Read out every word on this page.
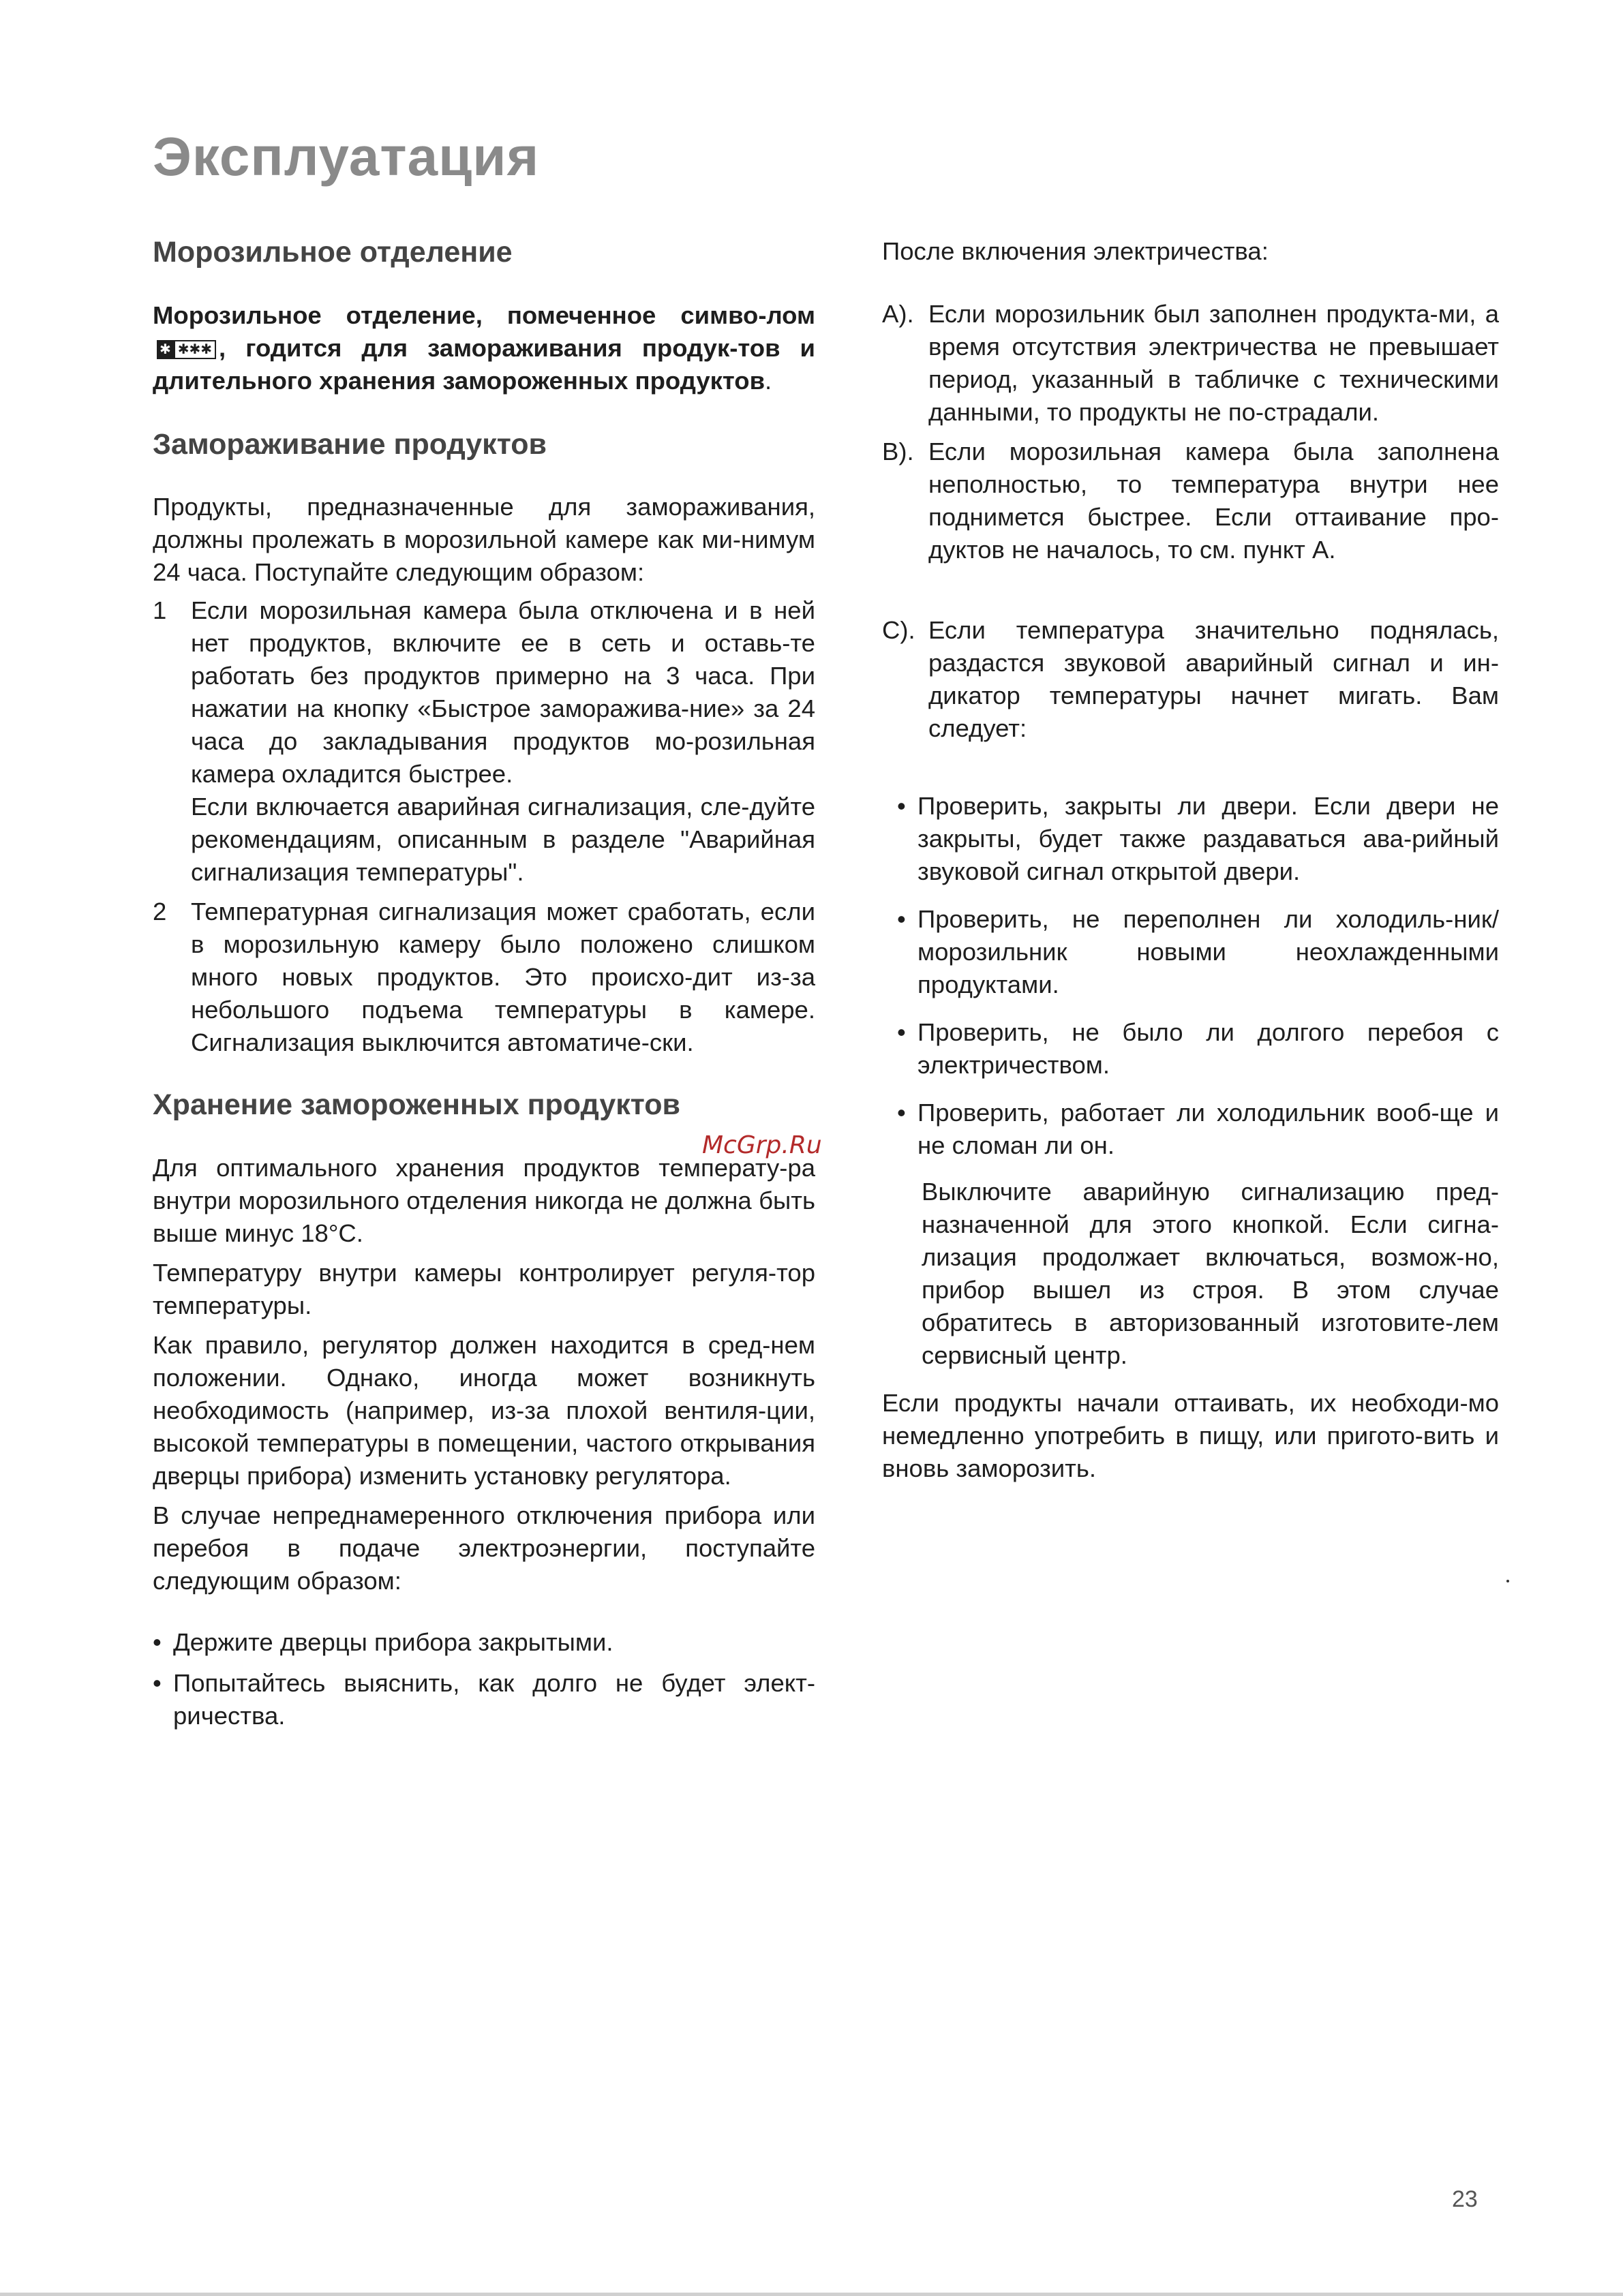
Эксплуатация
Морозильное отделение

Морозильное отделение, помеченное симво-лом
✱ ✱✱✱ , годится для замораживания продук-тов и длительного хранения замороженных продуктов.

Замораживание продуктов

Продукты, предназначенные для замораживания, должны пролежать в морозильной камере как ми-нимум 24 часа. Поступайте следующим образом:

1 Если морозильная камера была отключена и в ней нет продуктов, включите ее в сеть и оставь-те работать без продуктов примерно на 3 часа. При нажатии на кнопку «Быстрое заморажива-ние» за 24 часа до закладывания продуктов мо-розильная камера охладится быстрее.

Если включается аварийная сигнализация, сле-дуйте рекомендациям, описанным в разделе "Аварийная сигнализация температуры".

2 Температурная сигнализация может сработать, если в морозильную камеру было положено слишком много новых продуктов. Это происхо-дит из-за небольшого подъема температуры в камере. Сигнализация выключится автоматиче-ски.

Хранение замороженных продуктов

Для оптимального хранения продуктов температу-ра внутри морозильного отделения никогда не должна быть выше минус 18°C.

Температуру внутри камеры контролирует регуля-тор температуры.

Как правило, регулятор должен находится в сред-нем положении. Однако, иногда может возникнуть необходимость (например, из-за плохой вентиля-ции, высокой температуры в помещении, частого открывания дверцы прибора) изменить установку регулятора.

В случае непреднамеренного отключения прибора или перебоя в подаче электроэнергии, поступайте следующим образом:

• Держите дверцы прибора закрытыми.

• Попытайтесь выяснить, как долго не будет элект-ричества.

После включения электричества:

A). Если морозильник был заполнен продукта-ми, а время отсутствия электричества не превышает период, указанный в табличке с техническими данными, то продукты не по-страдали.

B). Если морозильная камера была заполнена неполностью, то температура внутри нее поднимется быстрее. Если оттаивание про-дуктов не началось, то см. пункт A.

C). Если температура значительно поднялась, раздастся звуковой аварийный сигнал и ин-дикатор температуры начнет мигать. Вам следует:

• Проверить, закрыты ли двери. Если двери не закрыты, будет также раздаваться ава-рийный звуковой сигнал открытой двери.

• Проверить, не переполнен ли холодиль-ник/морозильник новыми неохлажденными продуктами.

• Проверить, не было ли долгого перебоя с электричеством.

• Проверить, работает ли холодильник вооб-ще и не сломан ли он.

Выключите аварийную сигнализацию пред-назначенной для этого кнопкой. Если сигна-лизация продолжает включаться, возмож-но, прибор вышел из строя. В этом случае обратитесь в авторизованный изготовите-лем сервисный центр.

Если продукты начали оттаивать, их необходи-мо немедленно употребить в пищу, или пригото-вить и вновь заморозить.

McGrp.Ru
23
